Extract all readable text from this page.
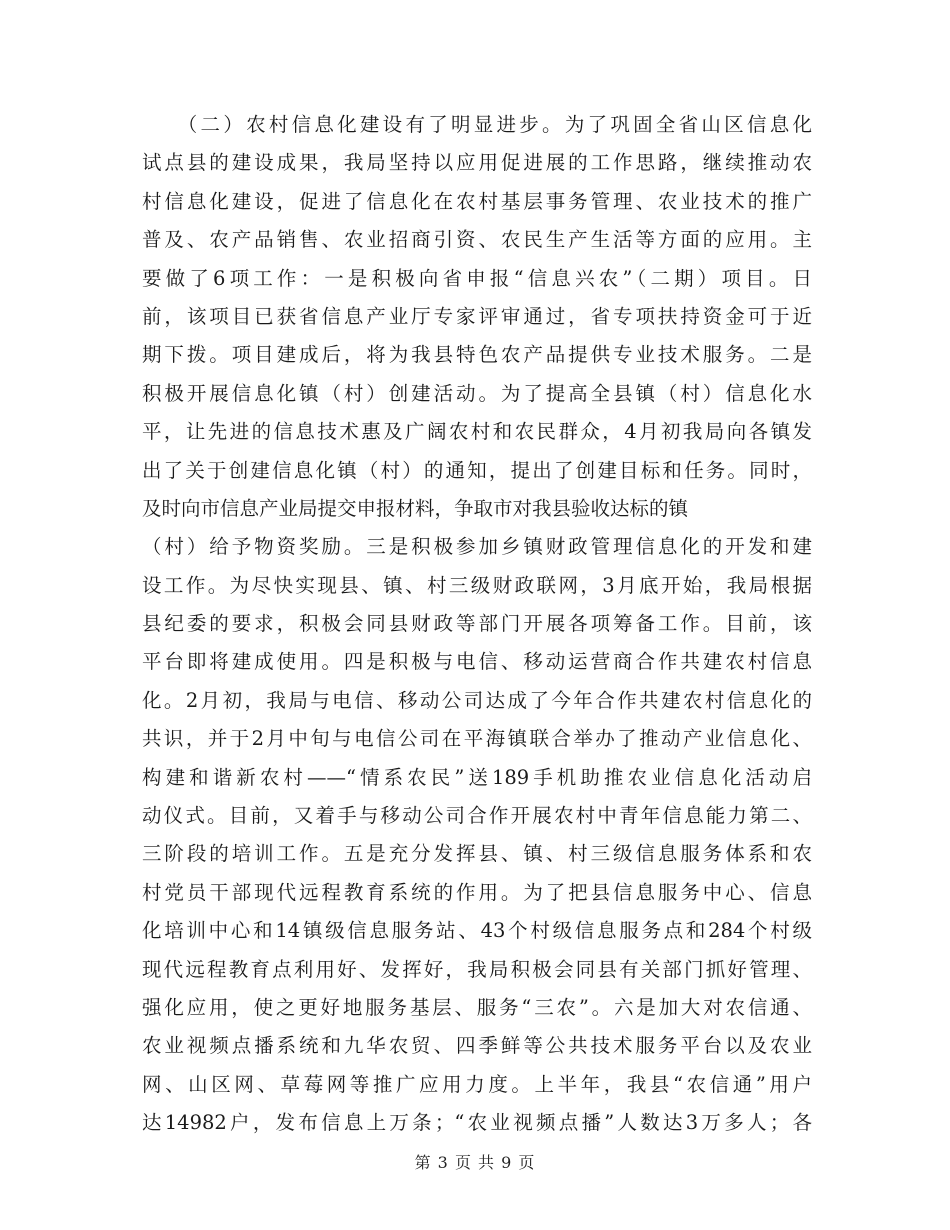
　　（二）农村信息化建设有了明显进步。为了巩固全省山区信息化
试点县的建设成果，我局坚持以应用促进展的工作思路，继续推动农
村信息化建设，促进了信息化在农村基层事务管理、农业技术的推广
普及、农产品销售、农业招商引资、农民生产生活等方面的应用。主
要做了6项工作：一是积极向省申报“信息兴农”（二期）项目。日
前，该项目已获省信息产业厅专家评审通过，省专项扶持资金可于近
期下拨。项目建成后，将为我县特色农产品提供专业技术服务。二是
积极开展信息化镇（村）创建活动。为了提高全县镇（村）信息化水
平，让先进的信息技术惠及广阔农村和农民群众，4月初我局向各镇发
出了关于创建信息化镇（村）的通知，提出了创建目标和任务。同时，
及时向市信息产业局提交申报材料，争取市对我县验收达标的镇
（村）给予物资奖励。三是积极参加乡镇财政管理信息化的开发和建
设工作。为尽快实现县、镇、村三级财政联网，3月底开始，我局根据
县纪委的要求，积极会同县财政等部门开展各项筹备工作。目前，该
平台即将建成使用。四是积极与电信、移动运营商合作共建农村信息
化。2月初，我局与电信、移动公司达成了今年合作共建农村信息化的
共识，并于2月中旬与电信公司在平海镇联合举办了推动产业信息化、
构建和谐新农村——“情系农民”送189手机助推农业信息化活动启
动仪式。目前，又着手与移动公司合作开展农村中青年信息能力第二、
三阶段的培训工作。五是充分发挥县、镇、村三级信息服务体系和农
村党员干部现代远程教育系统的作用。为了把县信息服务中心、信息
化培训中心和14镇级信息服务站、43个村级信息服务点和284个村级
现代远程教育点利用好、发挥好，我局积极会同县有关部门抓好管理、
强化应用，使之更好地服务基层、服务“三农”。六是加大对农信通、
农业视频点播系统和九华农贸、四季鲜等公共技术服务平台以及农业
网、山区网、草莓网等推广应用力度。上半年，我县“农信通”用户
达14982户，发布信息上万条；“农业视频点播”人数达3万多人；各
第 3 页 共 9 页
